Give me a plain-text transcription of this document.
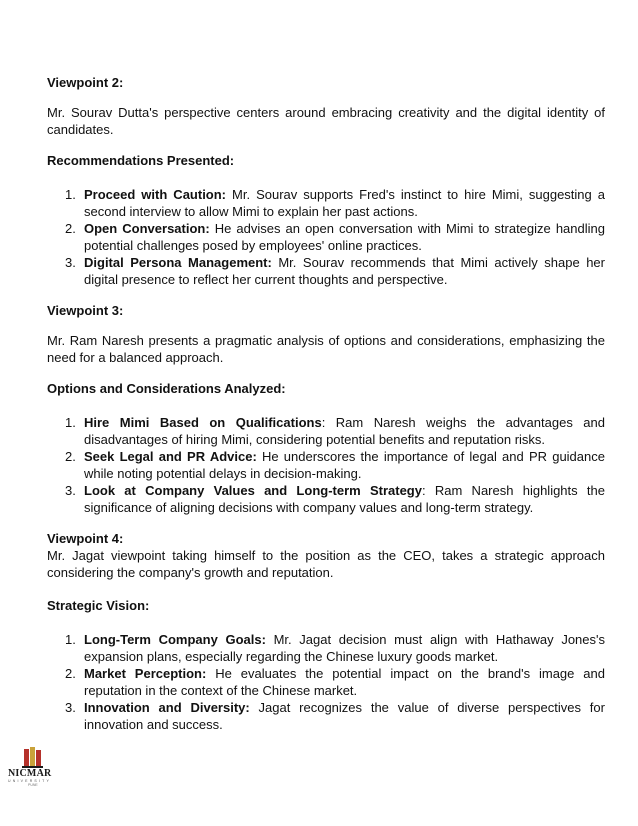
Viewpoint 2:
Mr. Sourav Dutta's perspective centers around embracing creativity and the digital identity of candidates.
Recommendations Presented:
1. Proceed with Caution: Mr. Sourav supports Fred's instinct to hire Mimi, suggesting a second interview to allow Mimi to explain her past actions.
2. Open Conversation: He advises an open conversation with Mimi to strategize handling potential challenges posed by employees' online practices.
3. Digital Persona Management: Mr. Sourav recommends that Mimi actively shape her digital presence to reflect her current thoughts and perspective.
Viewpoint 3:
Mr. Ram Naresh presents a pragmatic analysis of options and considerations, emphasizing the need for a balanced approach.
Options and Considerations Analyzed:
1. Hire Mimi Based on Qualifications: Ram Naresh weighs the advantages and disadvantages of hiring Mimi, considering potential benefits and reputation risks.
2. Seek Legal and PR Advice: He underscores the importance of legal and PR guidance while noting potential delays in decision-making.
3. Look at Company Values and Long-term Strategy: Ram Naresh highlights the significance of aligning decisions with company values and long-term strategy.
Viewpoint 4:
Mr. Jagat viewpoint taking himself to the position as the CEO, takes a strategic approach considering the company's growth and reputation.
Strategic Vision:
1. Long-Term Company Goals: Mr. Jagat decision must align with Hathaway Jones's expansion plans, especially regarding the Chinese luxury goods market.
2. Market Perception: He evaluates the potential impact on the brand's image and reputation in the context of the Chinese market.
3. Innovation and Diversity: Jagat recognizes the value of diverse perspectives for innovation and success.
NICMAR
UNIVERSITY
PUNE
